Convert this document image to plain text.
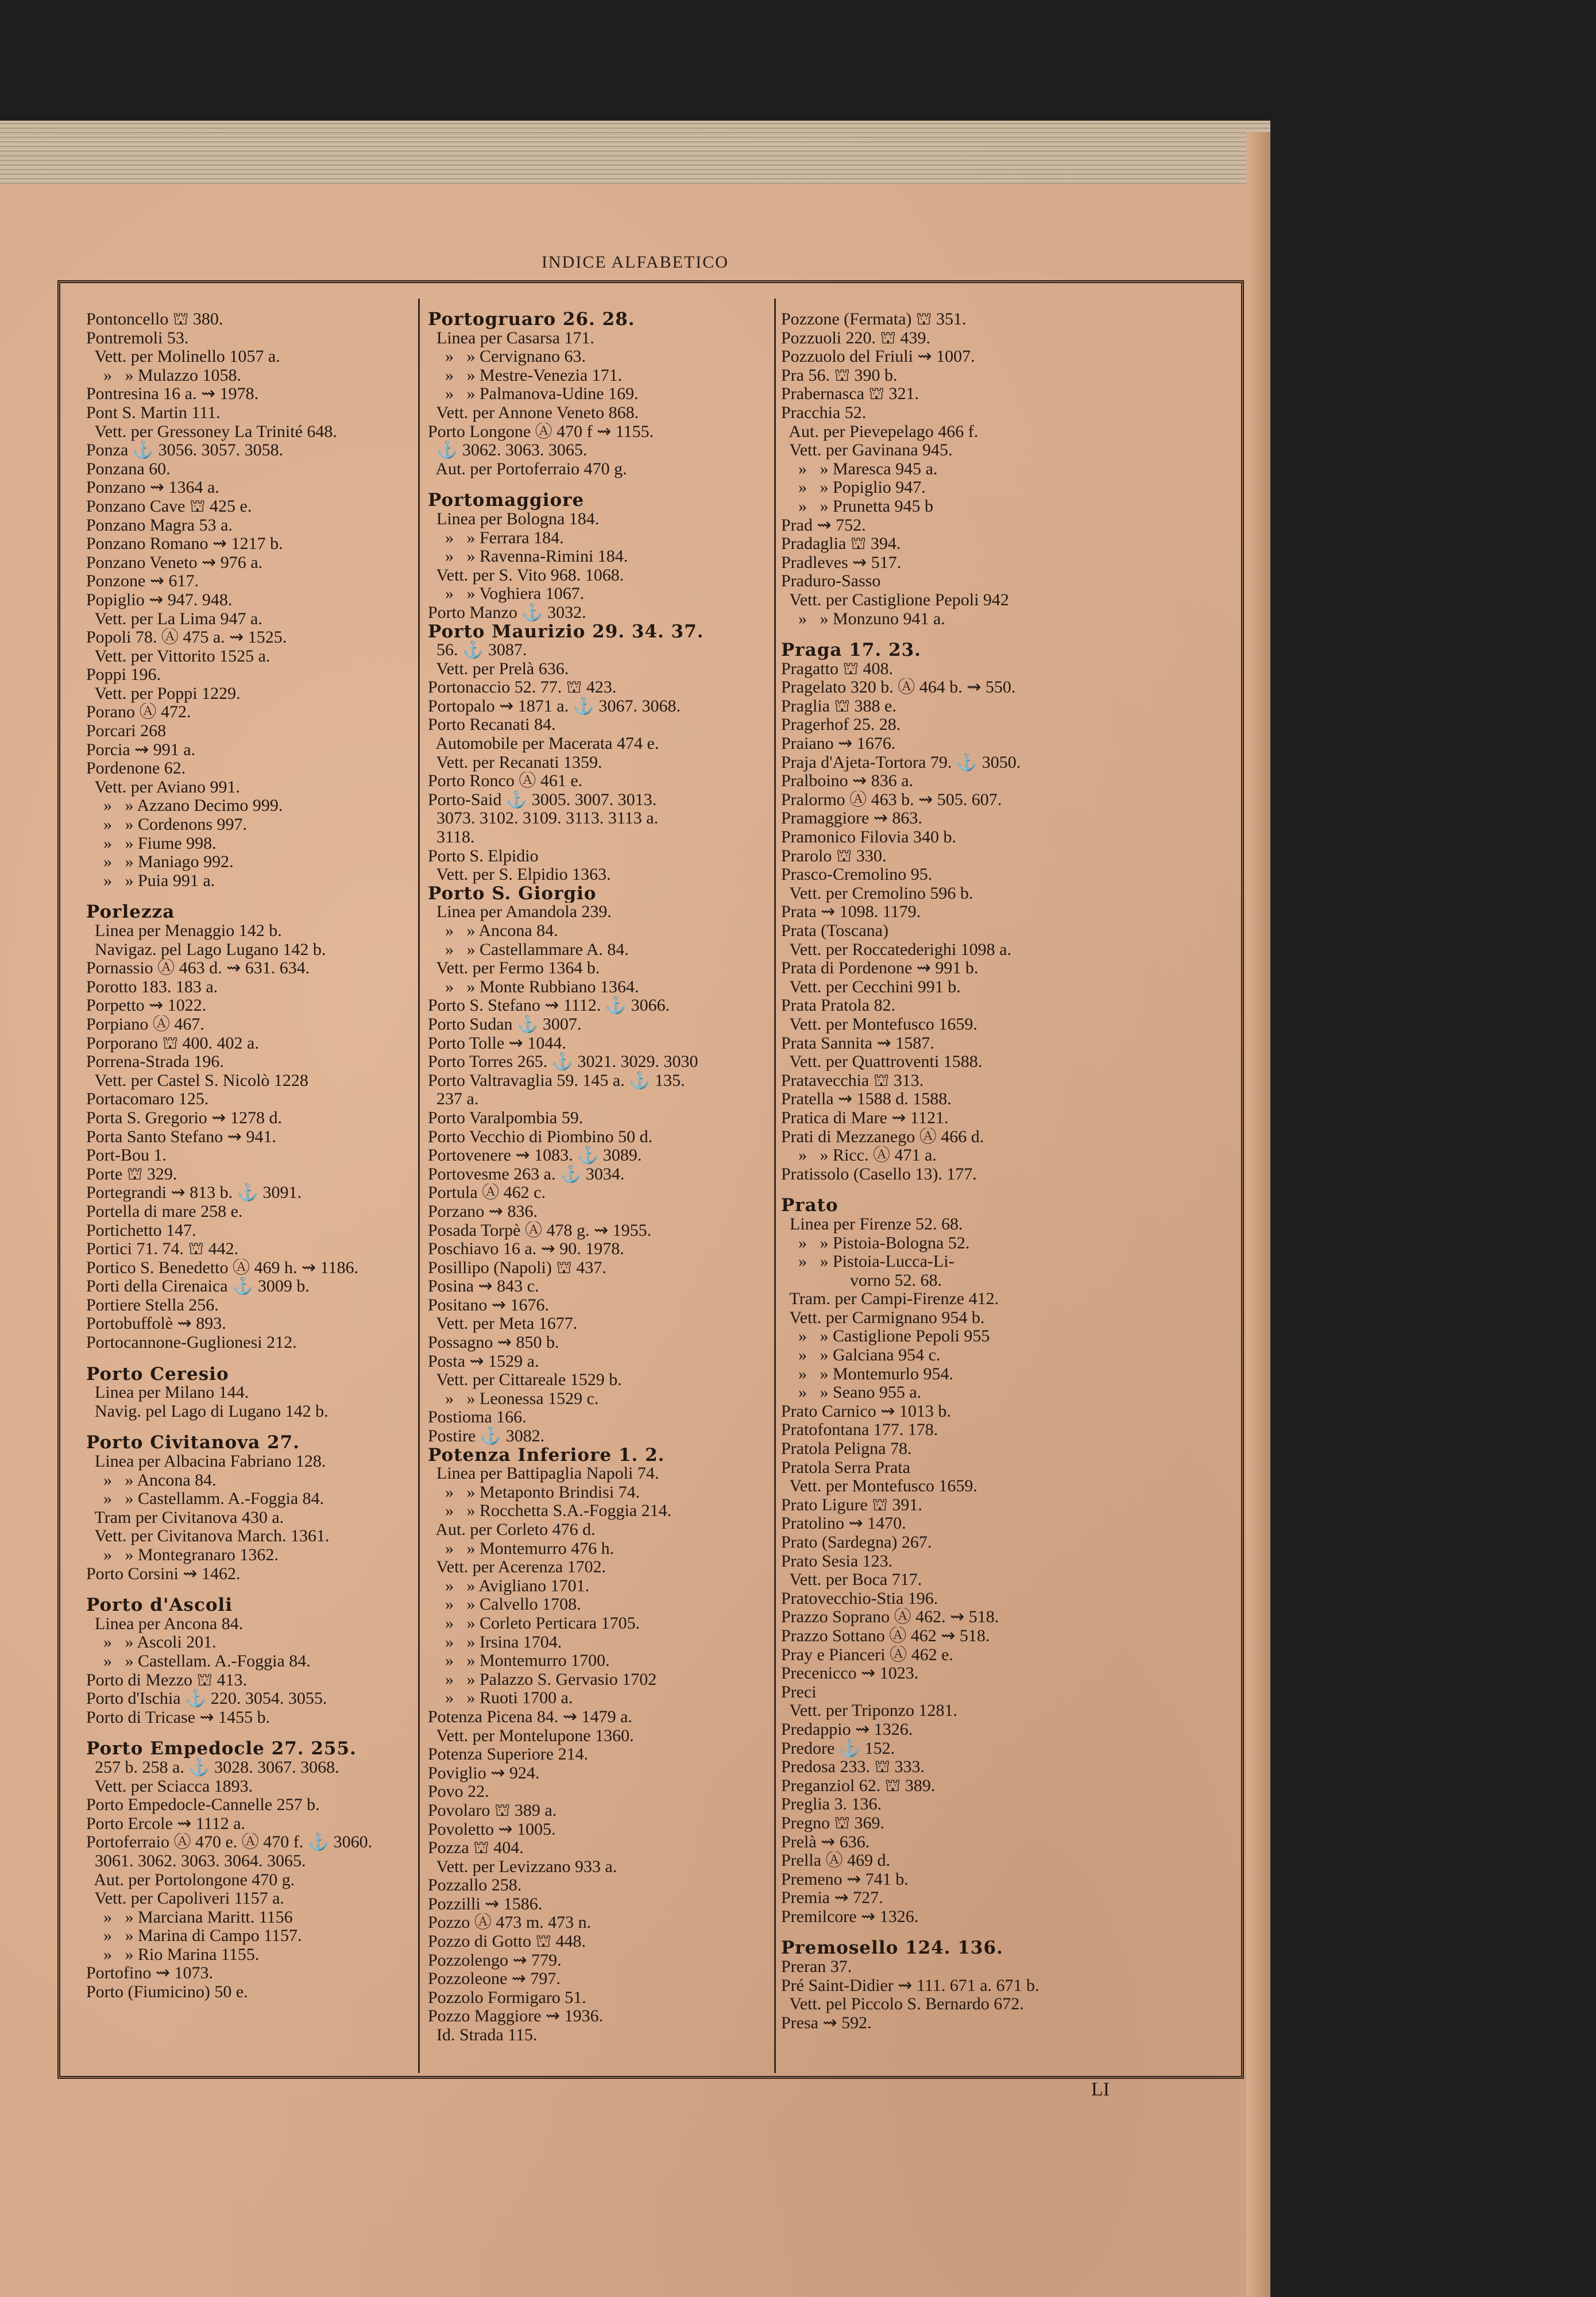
INDICE ALFABETICO
Pontoncello ⛫ 380.
Pontremoli 53.
Vett. per Molinello 1057 a.
»   » Mulazzo 1058.
Pontresina 16 a. ⇝ 1978.
Pont S. Martin 111.
Vett. per Gressoney La Trinité 648.
Ponza ⚓ 3056. 3057. 3058.
Ponzana 60.
Ponzano ⇝ 1364 a.
Ponzano Cave ⛫ 425 e.
Ponzano Magra 53 a.
Ponzano Romano ⇝ 1217 b.
Ponzano Veneto ⇝ 976 a.
Ponzone ⇝ 617.
Popiglio ⇝ 947. 948.
Vett. per La Lima 947 a.
Popoli 78. Ⓐ 475 a. ⇝ 1525.
Vett. per Vittorito 1525 a.
Poppi 196.
Vett. per Poppi 1229.
Porano Ⓐ 472.
Porcari 268
Porcia ⇝ 991 a.
Pordenone 62.
Vett. per Aviano 991.
»   » Azzano Decimo 999.
»   » Cordenons 997.
»   » Fiume 998.
»   » Maniago 992.
»   » Puia 991 a.
Porlezza
Linea per Menaggio 142 b.
Navigaz. pel Lago Lugano 142 b.
Pornassio Ⓐ 463 d. ⇝ 631. 634.
Porotto 183. 183 a.
Porpetto ⇝ 1022.
Porpiano Ⓐ 467.
Porporano ⛫ 400. 402 a.
Porrena-Strada 196.
Vett. per Castel S. Nicolò 1228
Portacomaro 125.
Porta S. Gregorio ⇝ 1278 d.
Porta Santo Stefano ⇝ 941.
Port-Bou 1.
Porte ⛫ 329.
Portegrandi ⇝ 813 b. ⚓ 3091.
Portella di mare 258 e.
Portichetto 147.
Portici 71. 74. ⛫ 442.
Portico S. Benedetto Ⓐ 469 h. ⇝ 1186.
Porti della Cirenaica ⚓ 3009 b.
Portiere Stella 256.
Portobuffolè ⇝ 893.
Portocannone-Guglionesi 212.
Porto Ceresio
Linea per Milano 144.
Navig. pel Lago di Lugano 142 b.
Porto Civitanova 27.
Linea per Albacina Fabriano 128.
»   » Ancona 84.
»   » Castellamm. A.-Foggia 84.
Tram per Civitanova 430 a.
Vett. per Civitanova March. 1361.
»   » Montegranaro 1362.
Porto Corsini ⇝ 1462.
Porto d'Ascoli
Linea per Ancona 84.
»   » Ascoli 201.
»   » Castellam. A.-Foggia 84.
Porto di Mezzo ⛫ 413.
Porto d'Ischia ⚓ 220. 3054. 3055.
Porto di Tricase ⇝ 1455 b.
Porto Empedocle 27. 255.
257 b. 258 a. ⚓ 3028. 3067. 3068.
Vett. per Sciacca 1893.
Porto Empedocle-Cannelle 257 b.
Porto Ercole ⇝ 1112 a.
Portoferraio Ⓐ 470 e. Ⓐ 470 f. ⚓ 3060.
3061. 3062. 3063. 3064. 3065.
Aut. per Portolongone 470 g.
Vett. per Capoliveri 1157 a.
»   » Marciana Maritt. 1156
»   » Marina di Campo 1157.
»   » Rio Marina 1155.
Portofino ⇝ 1073.
Porto (Fiumicino) 50 e.
Portogruaro 26. 28.
Linea per Casarsa 171.
»   » Cervignano 63.
»   » Mestre-Venezia 171.
»   » Palmanova-Udine 169.
Vett. per Annone Veneto 868.
Porto Longone Ⓐ 470 f ⇝ 1155.
⚓ 3062. 3063. 3065.
Aut. per Portoferraio 470 g.
Portomaggiore
Linea per Bologna 184.
»   » Ferrara 184.
»   » Ravenna-Rimini 184.
Vett. per S. Vito 968. 1068.
»   » Voghiera 1067.
Porto Manzo ⚓ 3032.
Porto Maurizio 29. 34. 37.
56. ⚓ 3087.
Vett. per Prelà 636.
Portonaccio 52. 77. ⛫ 423.
Portopalo ⇝ 1871 a. ⚓ 3067. 3068.
Porto Recanati 84.
Automobile per Macerata 474 e.
Vett. per Recanati 1359.
Porto Ronco Ⓐ 461 e.
Porto-Said ⚓ 3005. 3007. 3013.
3073. 3102. 3109. 3113. 3113 a.
3118.
Porto S. Elpidio
Vett. per S. Elpidio 1363.
Porto S. Giorgio
Linea per Amandola 239.
»   » Ancona 84.
»   » Castellammare A. 84.
Vett. per Fermo 1364 b.
»   » Monte Rubbiano 1364.
Porto S. Stefano ⇝ 1112. ⚓ 3066.
Porto Sudan ⚓ 3007.
Porto Tolle ⇝ 1044.
Porto Torres 265. ⚓ 3021. 3029. 3030
Porto Valtravaglia 59. 145 a. ⚓ 135.
237 a.
Porto Varalpombia 59.
Porto Vecchio di Piombino 50 d.
Portovenere ⇝ 1083. ⚓ 3089.
Portovesme 263 a. ⚓ 3034.
Portula Ⓐ 462 c.
Porzano ⇝ 836.
Posada Torpè Ⓐ 478 g. ⇝ 1955.
Poschiavo 16 a. ⇝ 90. 1978.
Posillipo (Napoli) ⛫ 437.
Posina ⇝ 843 c.
Positano ⇝ 1676.
Vett. per Meta 1677.
Possagno ⇝ 850 b.
Posta ⇝ 1529 a.
Vett. per Cittareale 1529 b.
»   » Leonessa 1529 c.
Postioma 166.
Postire ⚓ 3082.
Potenza Inferiore 1. 2.
Linea per Battipaglia Napoli 74.
»   » Metaponto Brindisi 74.
»   » Rocchetta S.A.-Foggia 214.
Aut. per Corleto 476 d.
»   » Montemurro 476 h.
Vett. per Acerenza 1702.
»   » Avigliano 1701.
»   » Calvello 1708.
»   » Corleto Perticara 1705.
»   » Irsina 1704.
»   » Montemurro 1700.
»   » Palazzo S. Gervasio 1702
»   » Ruoti 1700 a.
Potenza Picena 84. ⇝ 1479 a.
Vett. per Montelupone 1360.
Potenza Superiore 214.
Poviglio ⇝ 924.
Povo 22.
Povolaro ⛫ 389 a.
Povoletto ⇝ 1005.
Pozza ⛫ 404.
Vett. per Levizzano 933 a.
Pozzallo 258.
Pozzilli ⇝ 1586.
Pozzo Ⓐ 473 m. 473 n.
Pozzo di Gotto ⛫ 448.
Pozzolengo ⇝ 779.
Pozzoleone ⇝ 797.
Pozzolo Formigaro 51.
Pozzo Maggiore ⇝ 1936.
Id. Strada 115.
Pozzone (Fermata) ⛫ 351.
Pozzuoli 220. ⛫ 439.
Pozzuolo del Friuli ⇝ 1007.
Pra 56. ⛫ 390 b.
Prabernasca ⛫ 321.
Pracchia 52.
Aut. per Pievepelago 466 f.
Vett. per Gavinana 945.
»   » Maresca 945 a.
»   » Popiglio 947.
»   » Prunetta 945 b
Prad ⇝ 752.
Pradaglia ⛫ 394.
Pradleves ⇝ 517.
Praduro-Sasso
Vett. per Castiglione Pepoli 942
»   » Monzuno 941 a.
Praga 17. 23.
Pragatto ⛫ 408.
Pragelato 320 b. Ⓐ 464 b. ⇝ 550.
Praglia ⛫ 388 e.
Pragerhof 25. 28.
Praiano ⇝ 1676.
Praja d'Ajeta-Tortora 79. ⚓ 3050.
Pralboino ⇝ 836 a.
Pralormo Ⓐ 463 b. ⇝ 505. 607.
Pramaggiore ⇝ 863.
Pramonico Filovia 340 b.
Prarolo ⛫ 330.
Prasco-Cremolino 95.
Vett. per Cremolino 596 b.
Prata ⇝ 1098. 1179.
Prata (Toscana)
Vett. per Roccatederighi 1098 a.
Prata di Pordenone ⇝ 991 b.
Vett. per Cecchini 991 b.
Prata Pratola 82.
Vett. per Montefusco 1659.
Prata Sannita ⇝ 1587.
Vett. per Quattroventi 1588.
Pratavecchia ⛫ 313.
Pratella ⇝ 1588 d. 1588.
Pratica di Mare ⇝ 1121.
Prati di Mezzanego Ⓐ 466 d.
»   » Ricc. Ⓐ 471 a.
Pratissolo (Casello 13). 177.
Prato
Linea per Firenze 52. 68.
»   » Pistoia-Bologna 52.
»   » Pistoia-Lucca-Li-
vorno 52. 68.
Tram. per Campi-Firenze 412.
Vett. per Carmignano 954 b.
»   » Castiglione Pepoli 955
»   » Galciana 954 c.
»   » Montemurlo 954.
»   » Seano 955 a.
Prato Carnico ⇝ 1013 b.
Pratofontana 177. 178.
Pratola Peligna 78.
Pratola Serra Prata
Vett. per Montefusco 1659.
Prato Ligure ⛫ 391.
Pratolino ⇝ 1470.
Prato (Sardegna) 267.
Prato Sesia 123.
Vett. per Boca 717.
Pratovecchio-Stia 196.
Prazzo Soprano Ⓐ 462. ⇝ 518.
Prazzo Sottano Ⓐ 462 ⇝ 518.
Pray e Pianceri Ⓐ 462 e.
Precenicco ⇝ 1023.
Preci
Vett. per Triponzo 1281.
Predappio ⇝ 1326.
Predore ⚓ 152.
Predosa 233. ⛫ 333.
Preganziol 62. ⛫ 389.
Preglia 3. 136.
Pregno ⛫ 369.
Prelà ⇝ 636.
Prella Ⓐ 469 d.
Premeno ⇝ 741 b.
Premia ⇝ 727.
Premilcore ⇝ 1326.
Premosello 124. 136.
Preran 37.
Pré Saint-Didier ⇝ 111. 671 a. 671 b.
Vett. pel Piccolo S. Bernardo 672.
Presa ⇝ 592.
LI
